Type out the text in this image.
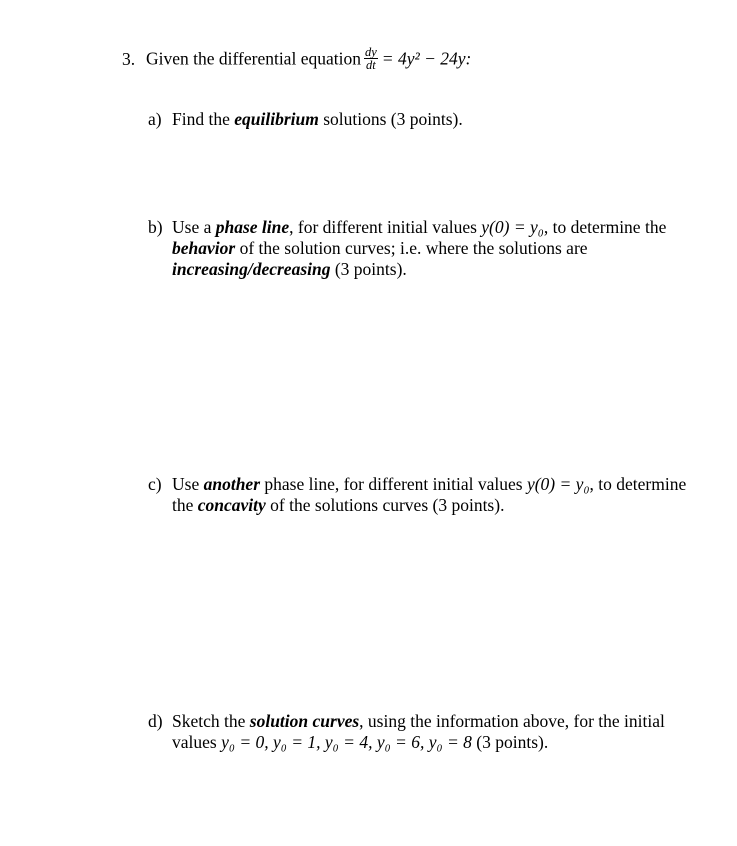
3. Given the differential equation $\frac{dy}{dt} = 4y^2 - 24y$:
a) Find the equilibrium solutions (3 points).
b) Use a phase line, for different initial values y(0) = y₀, to determine the behavior of the solution curves; i.e. where the solutions are increasing/decreasing (3 points).
c) Use another phase line, for different initial values y(0) = y₀, to determine the concavity of the solutions curves (3 points).
d) Sketch the solution curves, using the information above, for the initial values y₀ = 0, y₀ = 1, y₀ = 4, y₀ = 6, y₀ = 8 (3 points).
